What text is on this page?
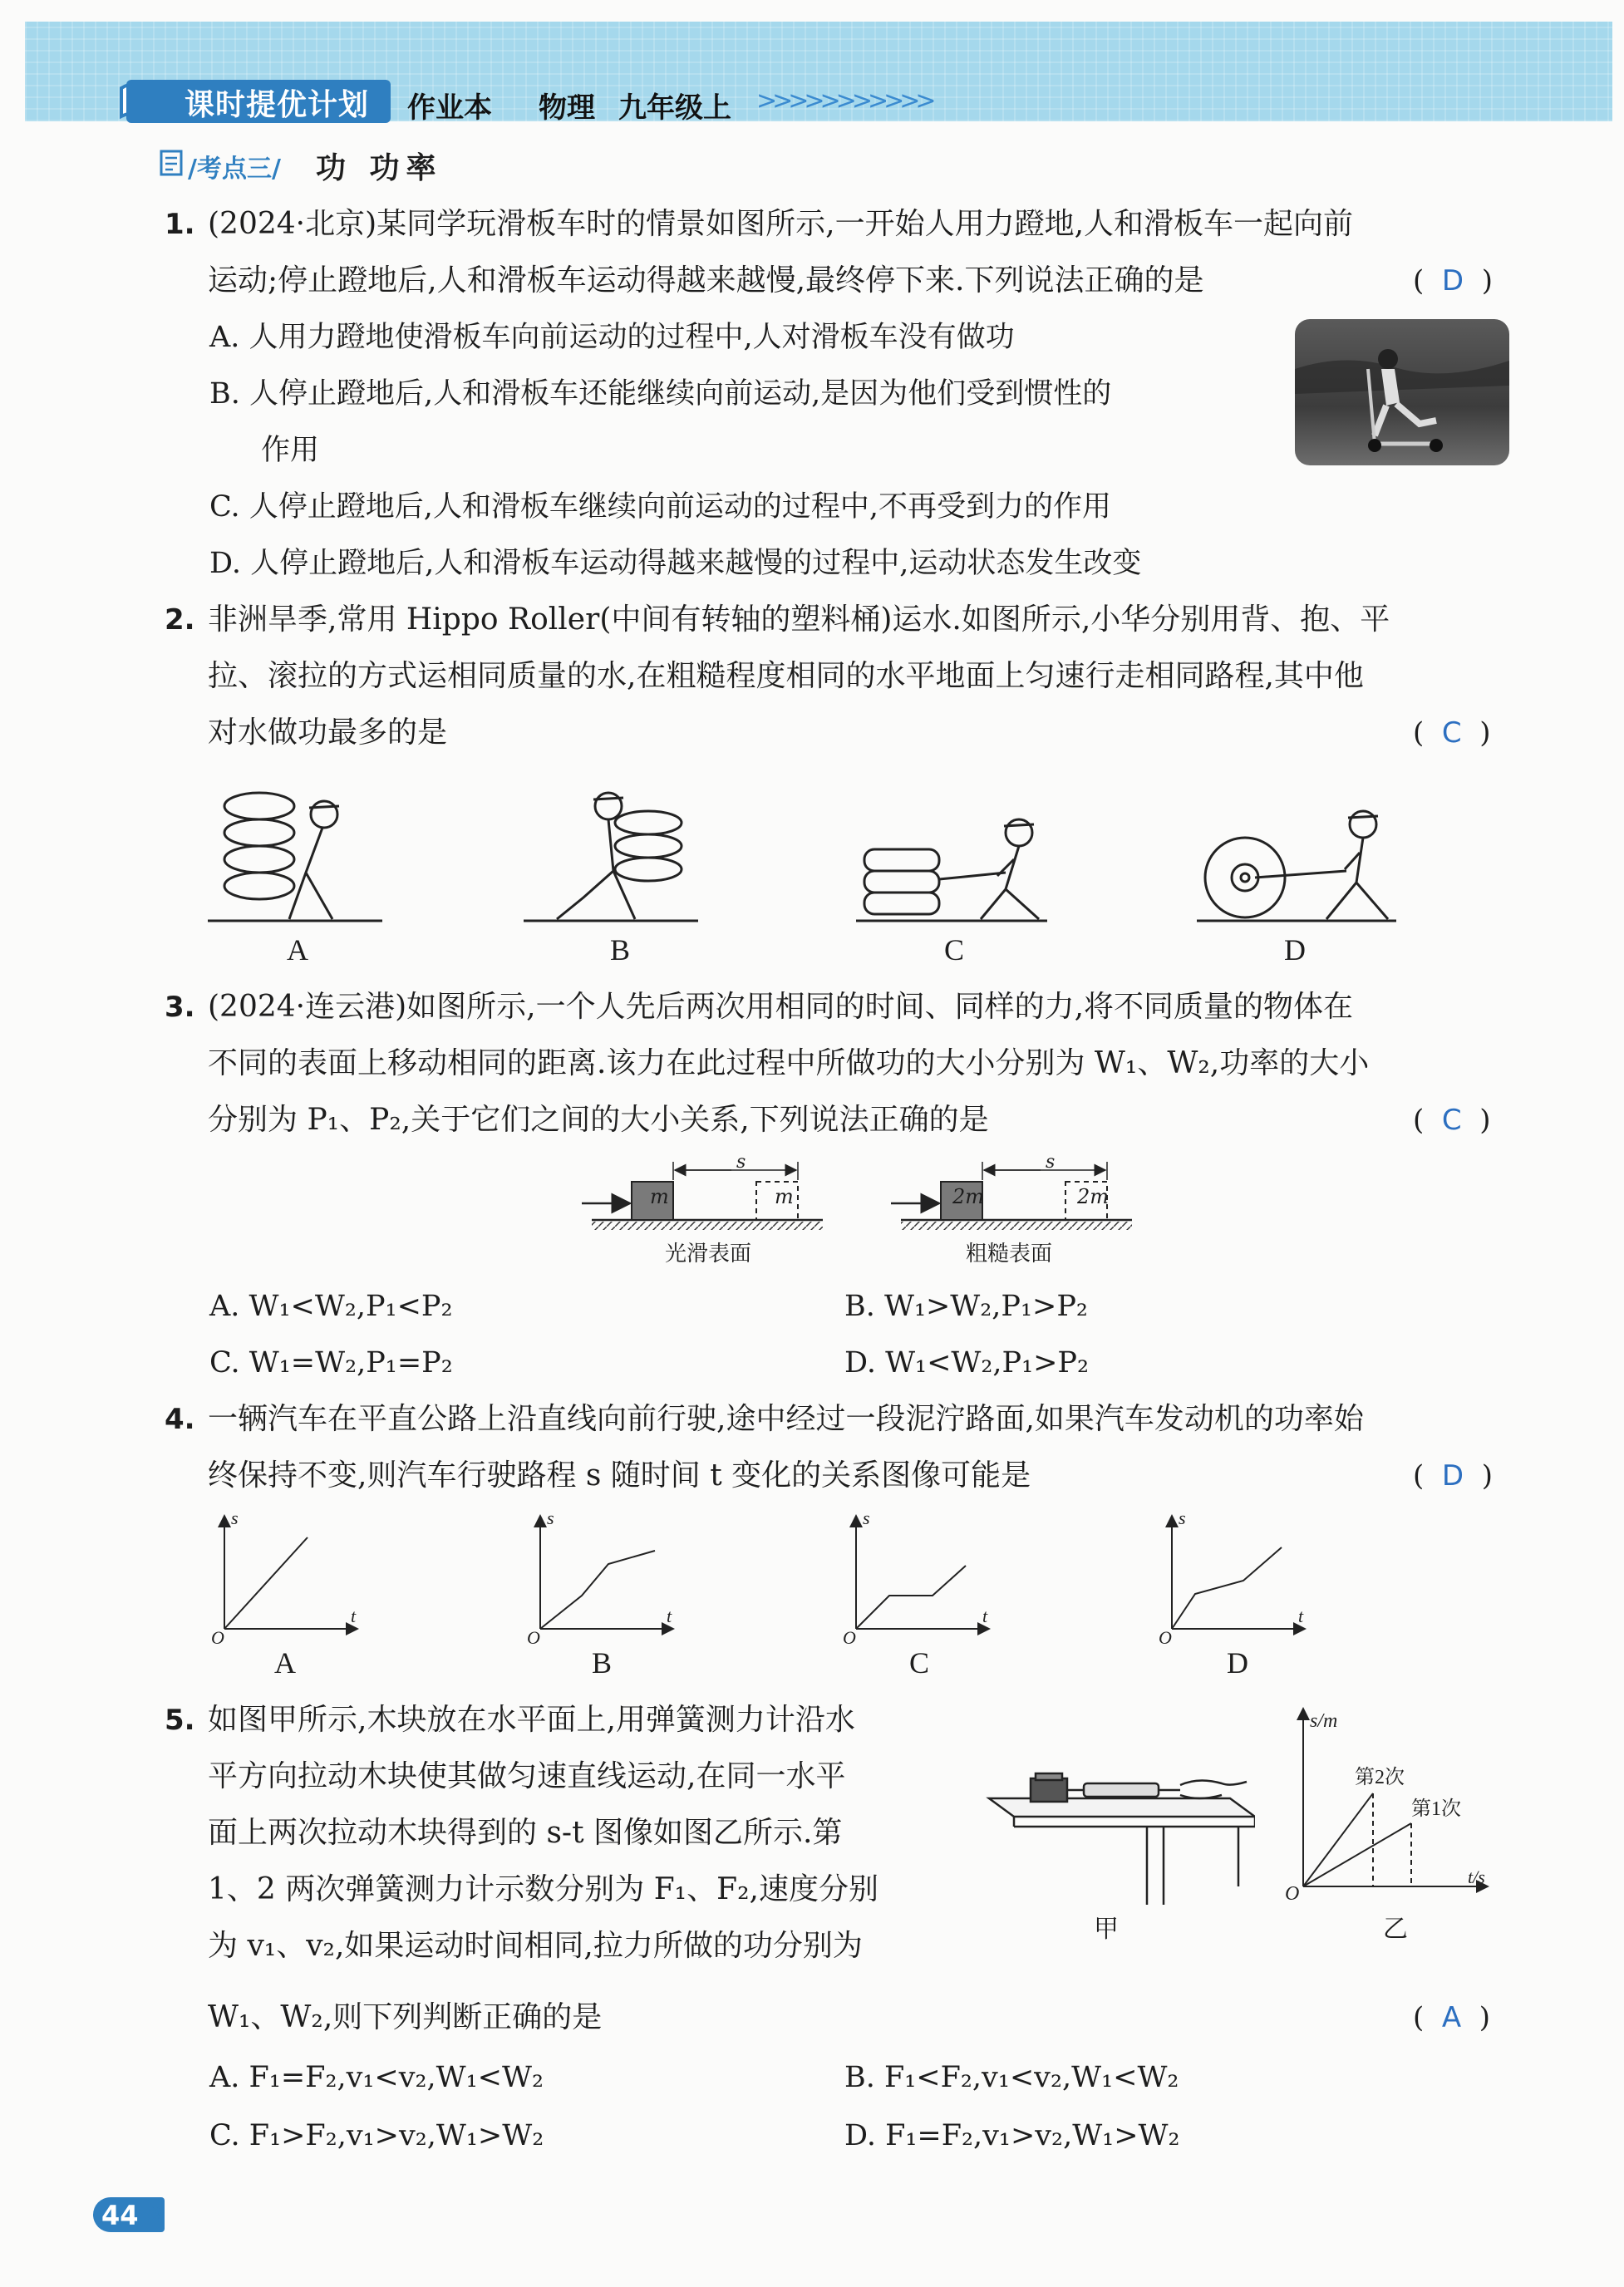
课时提优计划 作业本 物理 九年级上 >>>>>>>>>>>
/考点三/ 功 功率
1. (2024·北京)某同学玩滑板车时的情景如图所示,一开始人用力蹬地,人和滑板车一起向前
运动;停止蹬地后,人和滑板车运动得越来越慢,最终停下来.下列说法正确的是	(  D  )
A. 人用力蹬地使滑板车向前运动的过程中,人对滑板车没有做功
B. 人停止蹬地后,人和滑板车还能继续向前运动,是因为他们受到惯性的
作用
C. 人停止蹬地后,人和滑板车继续向前运动的过程中,不再受到力的作用
D. 人停止蹬地后,人和滑板车运动得越来越慢的过程中,运动状态发生改变
2. 非洲旱季,常用 Hippo Roller(中间有转轴的塑料桶)运水.如图所示,小华分别用背、抱、平
拉、滚拉的方式运相同质量的水,在粗糙程度相同的水平地面上匀速行走相同路程,其中他
对水做功最多的是	(  C  )
A	B	C	D
3. (2024·连云港)如图所示,一个人先后两次用相同的时间、同样的力,将不同质量的物体在
不同的表面上移动相同的距离.该力在此过程中所做功的大小分别为 W₁、W₂,功率的大小
分别为 P₁、P₂,关于它们之间的大小关系,下列说法正确的是	(  C  )
m	m	2m	2m
s	s
光滑表面	粗糙表面
A. W₁<W₂,P₁<P₂	B. W₁>W₂,P₁>P₂
C. W₁=W₂,P₁=P₂	D. W₁<W₂,P₁>P₂
4. 一辆汽车在平直公路上沿直线向前行驶,途中经过一段泥泞路面,如果汽车发动机的功率始
终保持不变,则汽车行驶路程 s 随时间 t 变化的关系图像可能是	(  D  )
s
O
t
s
O
t
s
O
t
s
O
t
A	B	C	D
5. 如图甲所示,木块放在水平面上,用弹簧测力计沿水
平方向拉动木块使其做匀速直线运动,在同一水平
面上两次拉动木块得到的 s-t 图像如图乙所示.第
1、2 两次弹簧测力计示数分别为 F₁、F₂,速度分别
为 v₁、v₂,如果运动时间相同,拉力所做的功分别为
W₁、W₂,则下列判断正确的是	(  A  )
甲
s/m
t/s
O
第2次
第1次
乙
A. F₁=F₂,v₁<v₂,W₁<W₂	B. F₁<F₂,v₁<v₂,W₁<W₂
C. F₁>F₂,v₁>v₂,W₁>W₂	D. F₁=F₂,v₁>v₂,W₁>W₂
44 ››
